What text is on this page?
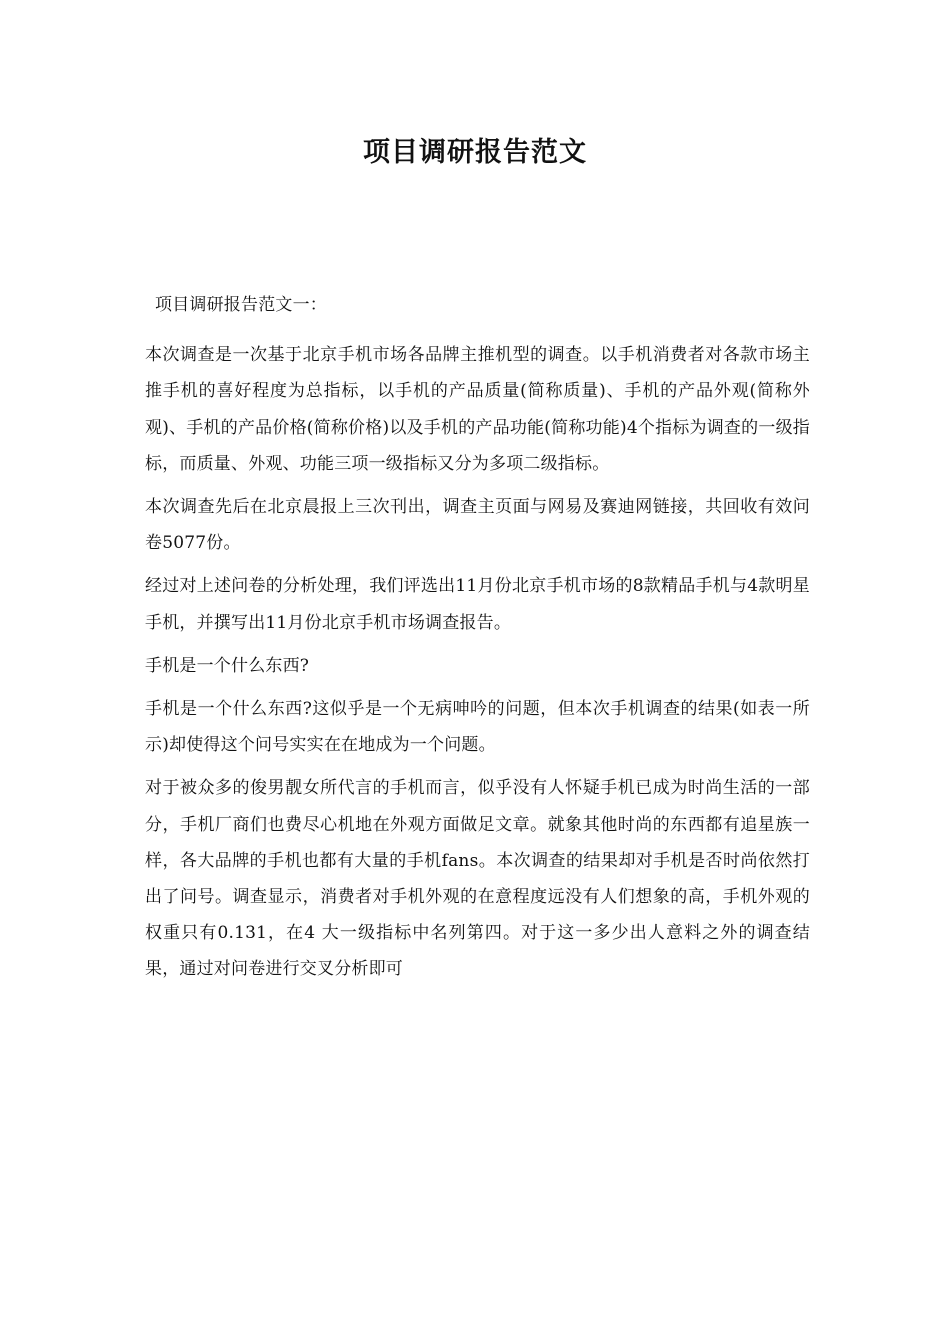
项目调研报告范文

项目调研报告范文一：

本次调查是一次基于北京手机市场各品牌主推机型的调查。以手机消费者对各款市场主推手机的喜好程度为总指标，以手机的产品质量(简称质量)、手机的产品外观(简称外观)、手机的产品价格(简称价格)以及手机的产品功能(简称功能)4个指标为调查的一级指标，而质量、外观、功能三项一级指标又分为多项二级指标。

本次调查先后在北京晨报上三次刊出，调查主页面与网易及赛迪网链接，共回收有效问卷5077份。

经过对上述问卷的分析处理，我们评选出11月份北京手机市场的8款精品手机与4款明星手机，并撰写出11月份北京手机市场调查报告。

手机是一个什么东西?

手机是一个什么东西?这似乎是一个无病呻吟的问题，但本次手机调查的结果(如表一所示)却使得这个问号实实在在地成为一个问题。

对于被众多的俊男靓女所代言的手机而言，似乎没有人怀疑手机已成为时尚生活的一部分，手机厂商们也费尽心机地在外观方面做足文章。就象其他时尚的东西都有追星族一样，各大品牌的手机也都有大量的手机fans。本次调查的结果却对手机是否时尚依然打出了问号。调查显示，消费者对手机外观的在意程度远没有人们想象的高，手机外观的权重只有0.131，在4 大一级指标中名列第四。对于这一多少出人意料之外的调查结果，通过对问卷进行交叉分析即可
